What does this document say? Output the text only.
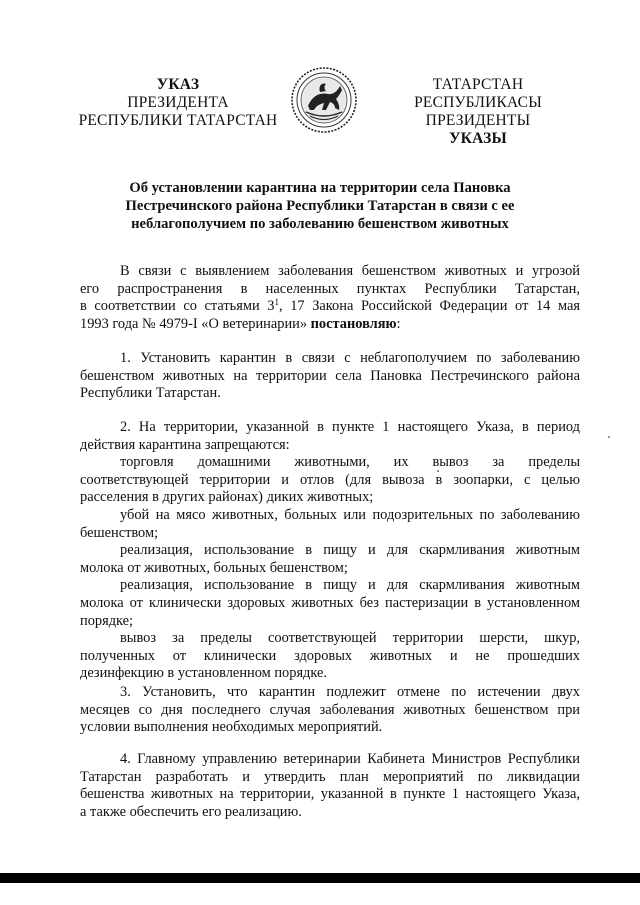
УКАЗ
ПРЕЗИДЕНТА
РЕСПУБЛИКИ ТАТАРСТАН
ТАТАРСТАН РЕСПУБЛИКАСЫ
ПРЕЗИДЕНТЫ
УКАЗЫ
Об установлении карантина на территории села Пановка
Пестречинского района Республики Татарстан в связи с ее
неблагополучием по заболеванию бешенством животных
В связи с выявлением заболевания бешенством животных и угрозой
его распространения в населенных пунктах Республики Татарстан,
в соответствии со статьями $3^1$, 17 Закона Российской Федерации от 14 мая
1993 года № 4979-I «О ветеринарии» постановляю:
1. Установить карантин в связи с неблагополучием по заболеванию
бешенством животных на территории села Пановка Пестречинского района
Республики Татарстан.
2. На территории, указанной в пункте 1 настоящего Указа, в период
действия карантина запрещаются:
торговля домашними животными, их вывоз за пределы
соответствующей территории и отлов (для вывоза в зоопарки, с целью
расселения в других районах) диких животных;
убой на мясо животных, больных или подозрительных по заболеванию
бешенством;
реализация, использование в пищу и для скармливания животным
молока от животных, больных бешенством;
реализация, использование в пищу и для скармливания животным
молока от клинически здоровых животных без пастеризации в установленном
порядке;
вывоз за пределы соответствующей территории шерсти, шкур,
полученных от клинически здоровых животных и не прошедших
дезинфекцию в установленном порядке.
3. Установить, что карантин подлежит отмене по истечении двух
месяцев со дня последнего случая заболевания животных бешенством при
условии выполнения необходимых мероприятий.
4. Главному управлению ветеринарии Кабинета Министров Республики
Татарстан разработать и утвердить план мероприятий по ликвидации
бешенства животных на территории, указанной в пункте 1 настоящего Указа,
а также обеспечить его реализацию.
